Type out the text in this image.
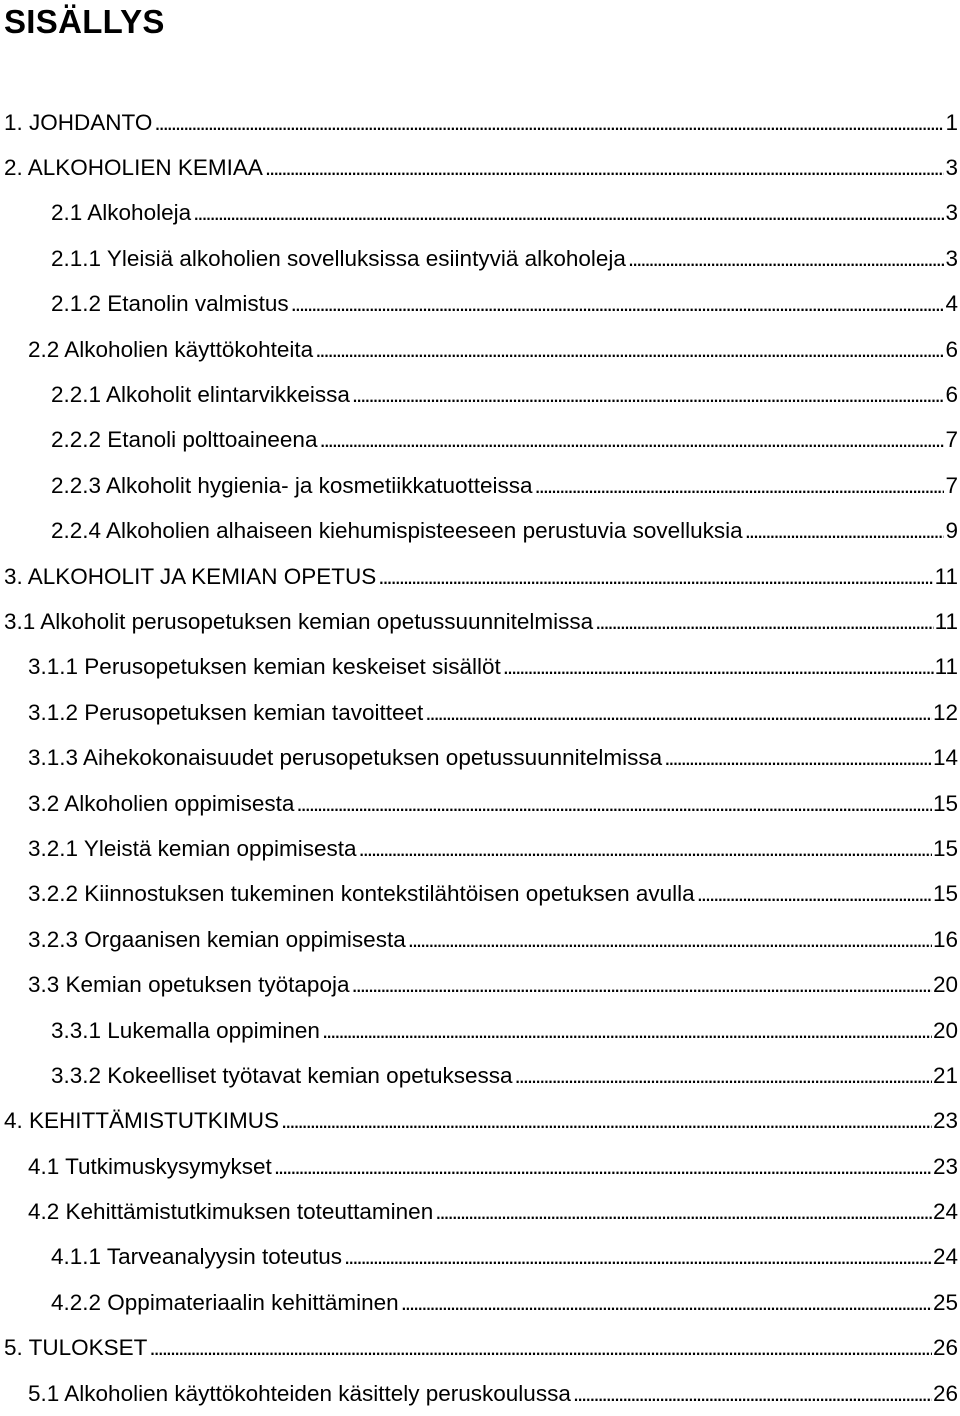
SISÄLLYS
1. JOHDANTO . . .	1
2. ALKOHOLIEN KEMIAA . . .	3
2.1 Alkoholeja . . .	3
2.1.1 Yleisiä alkoholien sovelluksissa esiintyviä alkoholeja . . .	3
2.1.2 Etanolin valmistus . . .	4
2.2 Alkoholien käyttökohteita . . .	6
2.2.1 Alkoholit elintarvikkeissa . . .	6
2.2.2 Etanoli polttoaineena . . .	7
2.2.3 Alkoholit hygienia- ja kosmetiikkatuotteissa . . .	7
2.2.4 Alkoholien alhaiseen kiehumispisteeseen perustuvia sovelluksia . . .	9
3. ALKOHOLIT JA KEMIAN OPETUS . . .	11
3.1 Alkoholit perusopetuksen kemian opetussuunnitelmissa . . .	11
3.1.1 Perusopetuksen kemian keskeiset sisällöt . . .	11
3.1.2 Perusopetuksen kemian tavoitteet . . .	12
3.1.3 Aihekokonaisuudet perusopetuksen opetussuunnitelmissa . . .	14
3.2 Alkoholien oppimisesta . . .	15
3.2.1 Yleistä kemian oppimisesta . . .	15
3.2.2 Kiinnostuksen tukeminen kontekstilähtöisen opetuksen avulla . . .	15
3.2.3 Orgaanisen kemian oppimisesta . . .	16
3.3 Kemian opetuksen työtapoja . . .	20
3.3.1 Lukemalla oppiminen . . .	20
3.3.2 Kokeelliset työtavat kemian opetuksessa . . .	21
4. KEHITTÄMISTUTKIMUS . . .	23
4.1 Tutkimuskysymykset . . .	23
4.2 Kehittämistutkimuksen toteuttaminen . . .	24
4.1.1 Tarveanalyysin toteutus . . .	24
4.2.2 Oppimateriaalin kehittäminen . . .	25
5. TULOKSET . . .	26
5.1 Alkoholien käyttökohteiden käsittely peruskoulussa . . .	26
